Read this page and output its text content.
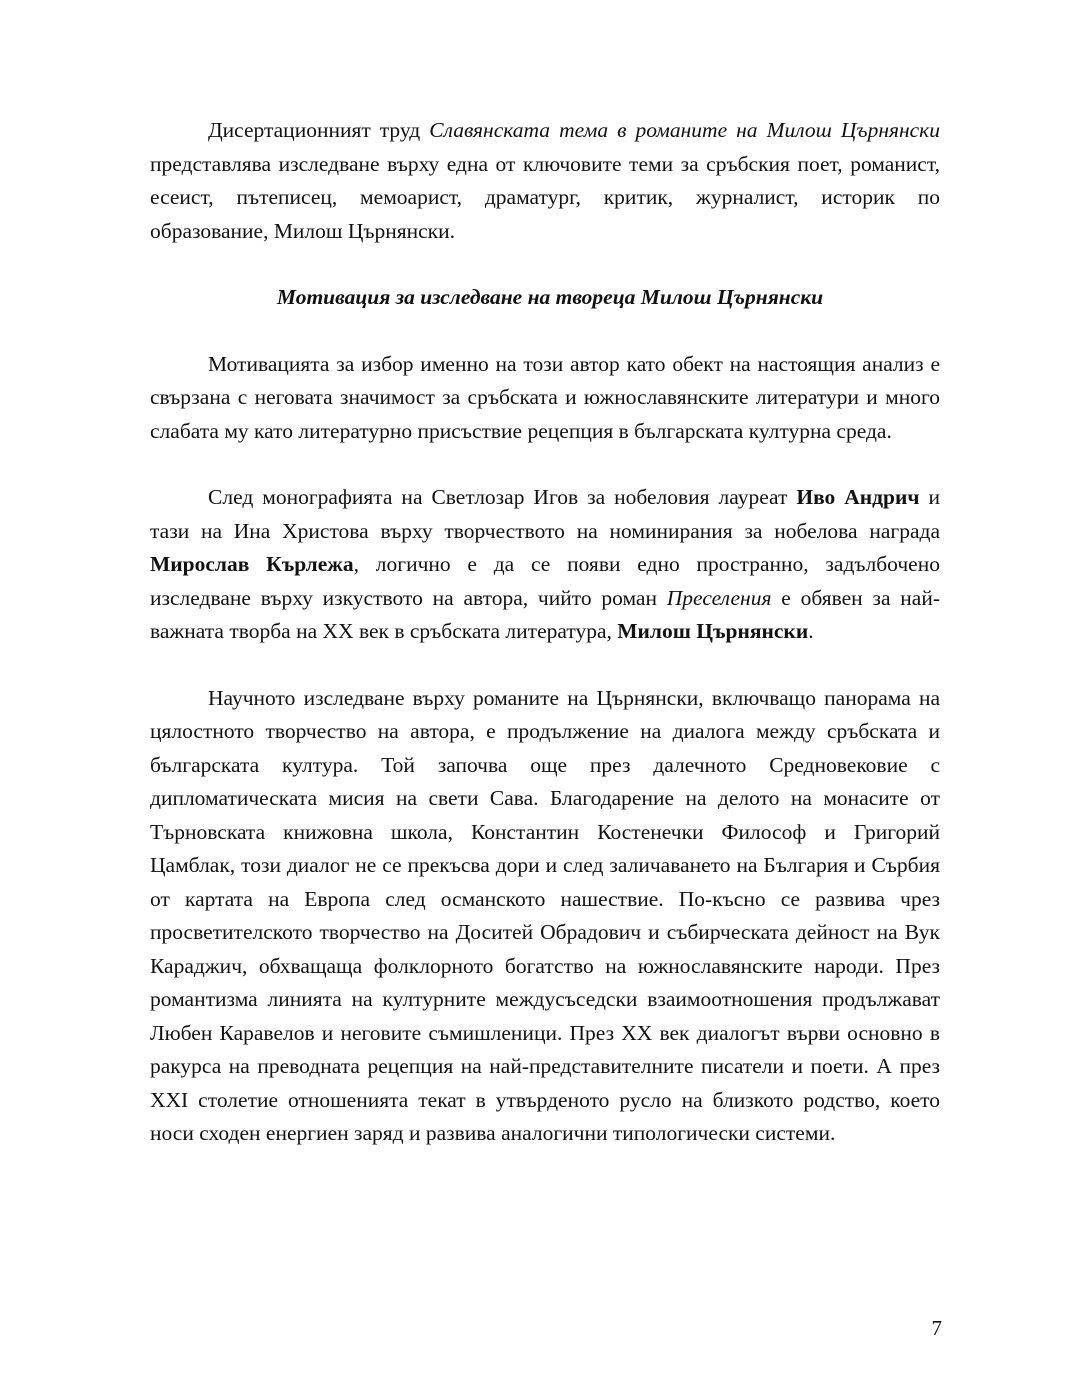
Дисертационният труд Славянската тема в романите на Милош Църнянски представлява изследване върху една от ключовите теми за сръбския поет, романист, есеист, пътеписец, мемоарист, драматург, критик, журналист, историк по образование, Милош Църнянски.

Мотивация за изследване на твореца Милош Църнянски

Мотивацията за избор именно на този автор като обект на настоящия анализ е свързана с неговата значимост за сръбската и южнославянските литератури и много слабата му като литературно присъствие рецепция в българската културна среда.

След монографията на Светлозар Игов за нобеловия лауреат Иво Андрич и тази на Ина Христова върху творчеството на номинирания за нобелова награда Мирослав Кърлежа, логично е да се появи едно пространно, задълбочено изследване върху изкуството на автора, чийто роман Преселения е обявен за най-важната творба на XX век в сръбската литература, Милош Църнянски.

Научното изследване върху романите на Църнянски, включващо панорама на цялостното творчество на автора, е продължение на диалога между сръбската и българската култура. Той започва още през далечното Средновековие с дипломатическата мисия на свети Сава. Благодарение на делото на монасите от Търновската книжовна школа, Константин Костенечки Философ и Григорий Цамблак, този диалог не се прекъсва дори и след заличаването на България и Сърбия от картата на Европа след османското нашествие. По-късно се развива чрез просветителското творчество на Доситей Обрадович и събирческата дейност на Вук Караджич, обхващаща фолклорното богатство на южнославянските народи. През романтизма линията на културните междусъседски взаимоотношения продължават Любен Каравелов и неговите съмишленици. През XX век диалогът върви основно в ракурса на преводната рецепция на най-представителните писатели и поети. А през XXI столетие отношенията текат в утвърденото русло на близкото родство, което носи сходен енергиен заряд и развива аналогични типологически системи.

7
